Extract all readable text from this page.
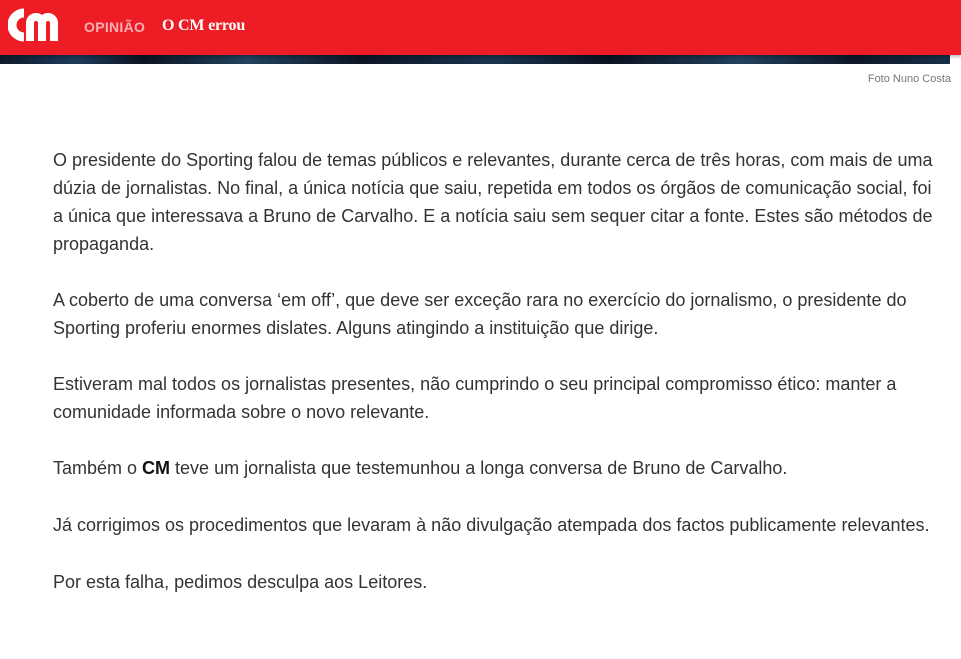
OPINIÃO O CM errou
Foto Nuno Costa

O presidente do Sporting falou de temas públicos e relevantes, durante cerca de três horas, com mais de uma dúzia de jornalistas. No final, a única notícia que saiu, repetida em todos os órgãos de comunicação social, foi a única que interessava a Bruno de Carvalho. E a notícia saiu sem sequer citar a fonte. Estes são métodos de propaganda.

A coberto de uma conversa ‘em off’, que deve ser exceção rara no exercício do jornalismo, o presidente do Sporting proferiu enormes dislates. Alguns atingindo a instituição que dirige.

Estiveram mal todos os jornalistas presentes, não cumprindo o seu principal compromisso ético: manter a comunidade informada sobre o novo relevante.

Também o CM teve um jornalista que testemunhou a longa conversa de Bruno de Carvalho.

Já corrigimos os procedimentos que levaram à não divulgação atempada dos factos publicamente relevantes.

Por esta falha, pedimos desculpa aos Leitores.
